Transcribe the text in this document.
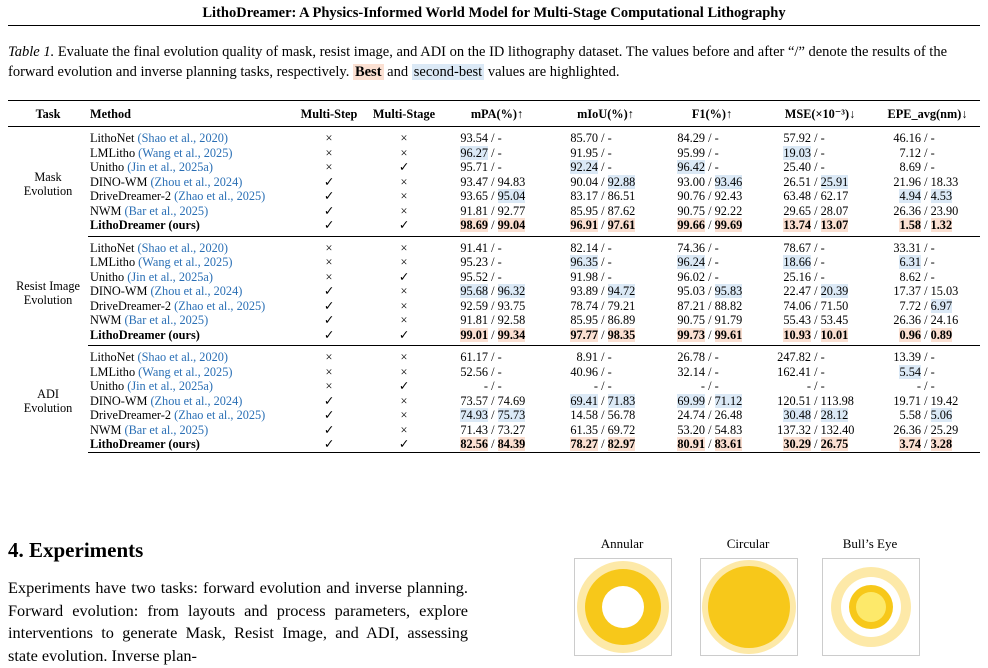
LithoDreamer: A Physics-Informed World Model for Multi-Stage Computational Lithography
Table 1. Evaluate the final evolution quality of mask, resist image, and ADI on the ID lithography dataset. The values before and after “/” denote the results of the forward evolution and inverse planning tasks, respectively. Best and second-best values are highlighted.
Task	Method	Multi-Step	Multi-Stage	mPA(%)↑	mIoU(%)↑	F1(%)↑	MSE(×10⁻³)↓	EPE_avg(nm)↓

Mask
Evolution	LithoNet (Shao et al., 2020)	×	×	93.54 / -	85.70 / -	84.29 / -	57.92 / -	46.16 / -
	LMLitho (Wang et al., 2025)	×	×	96.27 / -	91.95 / -	95.99 / -	19.03 / -	7.12 / -
	Unitho (Jin et al., 2025a)	×	✓	95.71 / -	92.24 / -	96.42 / -	25.40 / -	8.69 / -
	DINO-WM (Zhou et al., 2024)	✓	×	93.47 / 94.83	90.04 / 92.88	93.00 / 93.46	26.51 / 25.91	21.96 / 18.33
	DriveDreamer-2 (Zhao et al., 2025)	✓	×	93.65 / 95.04	83.17 / 86.51	90.76 / 92.43	63.48 / 62.17	4.94 / 4.53
	NWM (Bar et al., 2025)	✓	×	91.81 / 92.77	85.95 / 87.62	90.75 / 92.22	29.65 / 28.07	26.36 / 23.90
	LithoDreamer (ours)	✓	✓	98.69 / 99.04	96.91 / 97.61	99.66 / 99.69	13.74 / 13.07	1.58 / 1.32

Resist Image
Evolution	LithoNet (Shao et al., 2020)	×	×	91.41 / -	82.14 / -	74.36 / -	78.67 / -	33.31 / -
	LMLitho (Wang et al., 2025)	×	×	95.23 / -	96.35 / -	96.24 / -	18.66 / -	6.31 / -
	Unitho (Jin et al., 2025a)	×	✓	95.52 / -	91.98 / -	96.02 / -	25.16 / -	8.62 / -
	DINO-WM (Zhou et al., 2024)	✓	×	95.68 / 96.32	93.89 / 94.72	95.03 / 95.83	22.47 / 20.39	17.37 / 15.03
	DriveDreamer-2 (Zhao et al., 2025)	✓	×	92.59 / 93.75	78.74 / 79.21	87.21 / 88.82	74.06 / 71.50	7.72 / 6.97
	NWM (Bar et al., 2025)	✓	×	91.81 / 92.58	85.95 / 86.89	90.75 / 91.79	55.43 / 53.45	26.36 / 24.16
	LithoDreamer (ours)	✓	✓	99.01 / 99.34	97.77 / 98.35	99.73 / 99.61	10.93 / 10.01	0.96 / 0.89

ADI
Evolution	LithoNet (Shao et al., 2020)	×	×	61.17 / -	8.91 / -	26.78 / -	247.82 / -	13.39 / -
	LMLitho (Wang et al., 2025)	×	×	52.56 / -	40.96 / -	32.14 / -	162.41 / -	5.54 / -
	Unitho (Jin et al., 2025a)	×	✓	- / -	- / -	- / -	- / -	- / -
	DINO-WM (Zhou et al., 2024)	✓	×	73.57 / 74.69	69.41 / 71.83	69.99 / 71.12	120.51 / 113.98	19.71 / 19.42
	DriveDreamer-2 (Zhao et al., 2025)	✓	×	74.93 / 75.73	14.58 / 56.78	24.74 / 26.48	30.48 / 28.12	5.58 / 5.06
	NWM (Bar et al., 2025)	✓	×	71.43 / 73.27	61.35 / 69.72	53.20 / 54.83	137.32 / 132.40	26.36 / 25.29
	LithoDreamer (ours)	✓	✓	82.56 / 84.39	78.27 / 82.97	80.91 / 83.61	30.29 / 26.75	3.74 / 3.28
4. Experiments
Experiments have two tasks: forward evolution and inverse planning. Forward evolution: from layouts and process parameters, explore interventions to generate Mask, Resist Image, and ADI, assessing state evolution. Inverse plan-
Annular	Circular	Bull’s Eye
